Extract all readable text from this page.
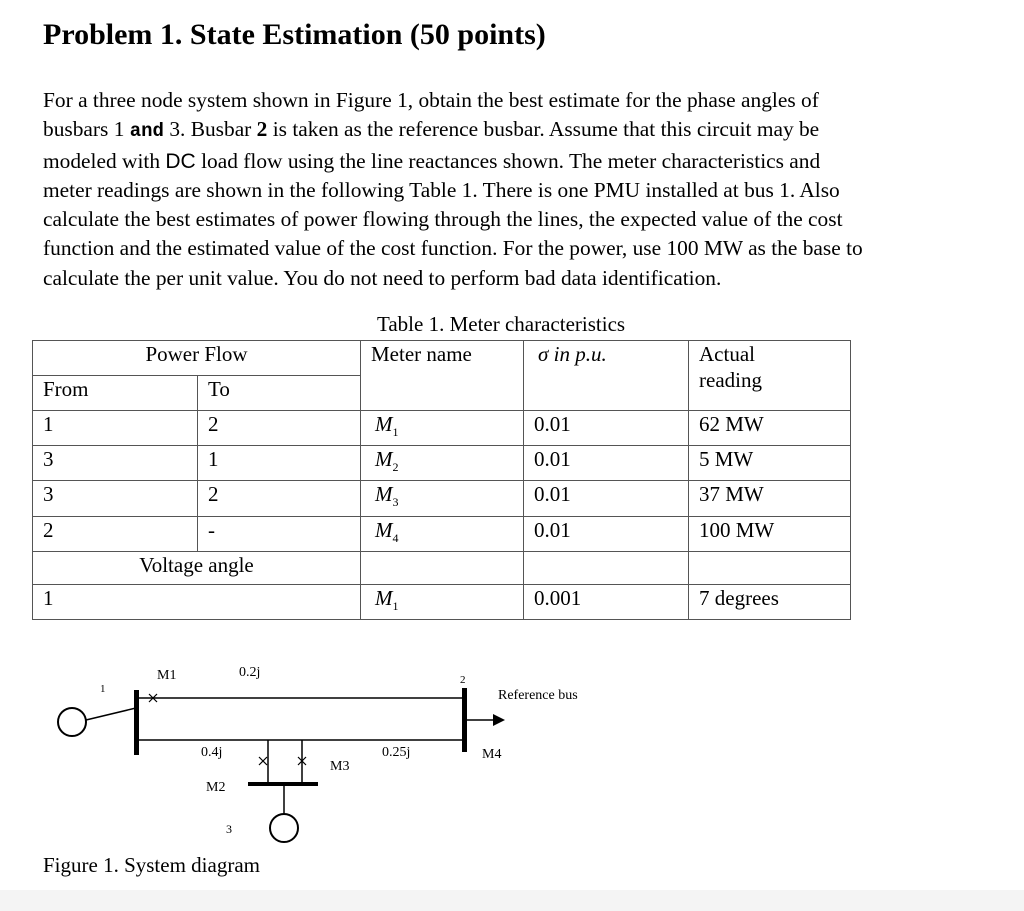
Problem 1. State Estimation (50 points)
For a three node system shown in Figure 1, obtain the best estimate for the phase angles of
busbars 1 and 3. Busbar 2 is taken as the reference busbar. Assume that this circuit may be
modeled with DC load flow using the line reactances shown. The meter characteristics and
meter readings are shown in the following Table 1. There is one PMU installed at bus 1. Also
calculate the best estimates of power flowing through the lines, the expected value of the cost
function and the estimated value of the cost function. For the power, use 100 MW as the base to
calculate the per unit value. You do not need to perform bad data identification.
Table 1. Meter characteristics
Power Flow		Meter name	σ in p.u.	Actual
reading
From	To			
1	2	$M_1$	0.01	62 MW
3	1	$M_2$	0.01	5 MW
3	2	$M_3$	0.01	37 MW
2	-	$M_4$	0.01	100 MW
Voltage angle				
1		$M_1$	0.001	7 degrees
M1	0.2j
1
2
Reference bus
0.4j
M2
M3
0.25j	M4
3
Figure 1. System diagram
